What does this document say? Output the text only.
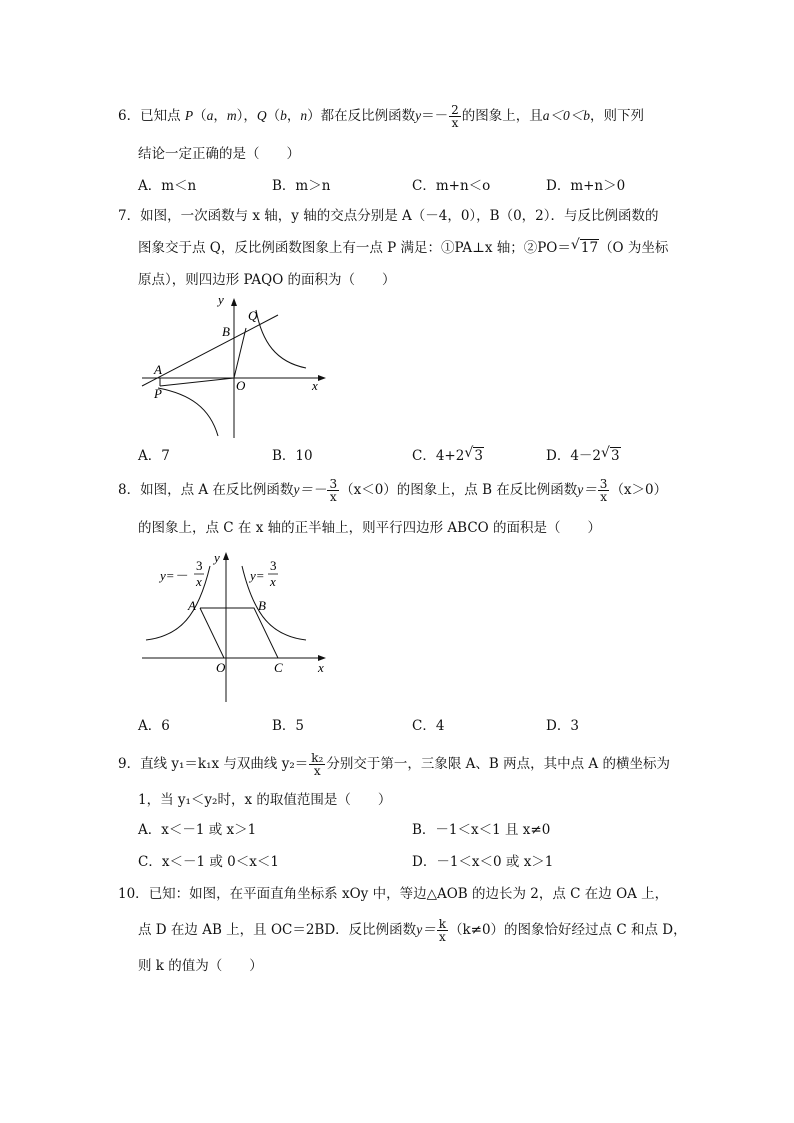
6．已知点 P（a，m），Q（b，n）都在反比例函数$y=- \frac{2}{x}$ 的图象上，且a＜0＜b，则下列
结论一定正确的是（　　）
A．m＜n	B．m＞n	C．m+n＜o	D．m+n＞0
7．如图，一次函数与 x 轴，y 轴的交点分别是 A（－4，0），B（0，2）．与反比例函数的
图象交于点 Q，反比例函数图象上有一点 P 满足：①PA⊥x 轴；②PO＝ √ 17（O 为坐标
原点），则四边形 PAQO 的面积为（　　）
y
x
B
Q
A
P
O
A．7	B．10	C．4+2 √ 3	D．4－2 √ 3
8．如图，点 A 在反比例函数$y=- \frac{3}{x} (x<0)$的图象上，点 B 在反比例函数$y= \frac{3}{x} (x>0)$
的图象上，点 C 在 x 轴的正半轴上，则平行四边形 ABCO 的面积是（　　）
y
x
A	B
O	C
y=－
3
x	y=
3
x
A．6	B．5	C．4	D．3
9．直线 y₁＝k₁x 与双曲线 $y_2= \frac{\text{k₂}}{x}$ 分别交于第一，三象限 A、B 两点，其中点 A 的横坐标为
1，当 y₁＜y₂时，x 的取值范围是（　　）
A．x＜－1 或 x＞1	B．－1＜x＜1 且 x≠0
C．x＜－1 或 0＜x＜1	D．－1＜x＜0 或 x＞1
10．已知：如图，在平面直角坐标系 xOy 中，等边△AOB 的边长为 2，点 C 在边 OA 上，
点 D 在边 AB 上，且 OC＝2BD．反比例函数$y= \frac{k}{x} (k\ne 0)$的图象恰好经过点 C 和点 D，
则 k 的值为（　　）
